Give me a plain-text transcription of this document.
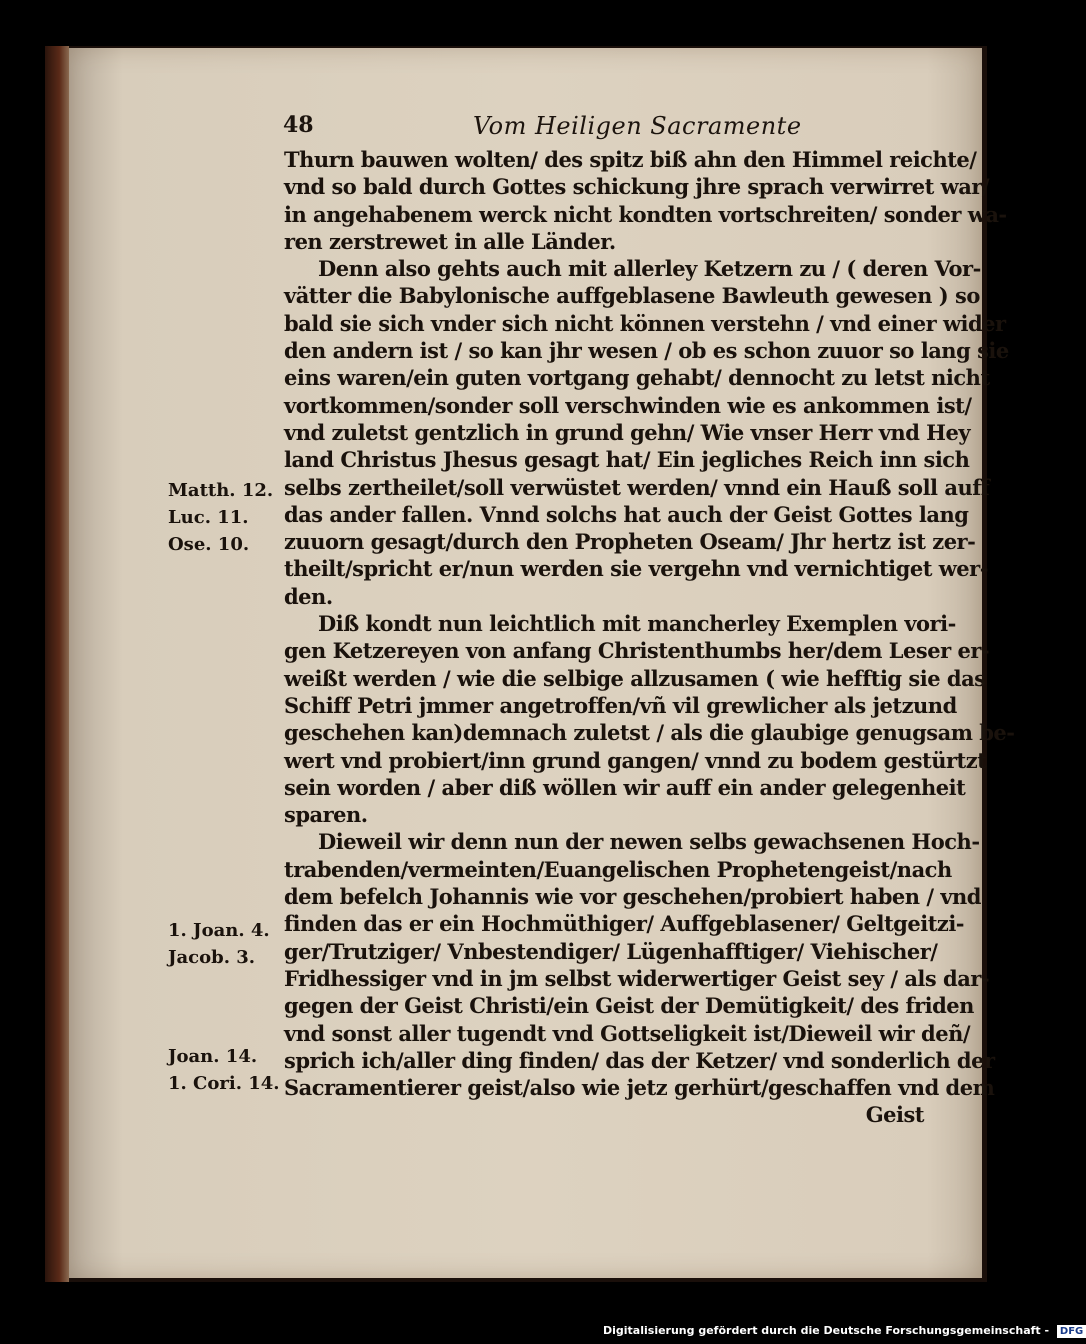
48	Vom Heiligen Sacramente
Thurn bauwen wolten/ des spitz biß ahn den Himmel reichte/
vnd so bald durch Gottes schickung jhre sprach verwirret war/
in angehabenem werck nicht kondten vortschreiten/ sonder wa-
ren zerstrewet in alle Länder.
Denn also gehts auch mit allerley Ketzern zu / ( deren Vor-
vätter die Babylonische auffgeblasene Bawleuth gewesen ) so
bald sie sich vnder sich nicht können verstehn / vnd einer wider
den andern ist / so kan jhr wesen / ob es schon zuuor so lang sie
eins waren/ein guten vortgang gehabt/ dennocht zu letst nicht
vortkommen/sonder soll verschwinden wie es ankommen ist/
vnd zuletst gentzlich in grund gehn/ Wie vnser Herr vnd Hey
land Christus Jhesus gesagt hat/ Ein jegliches Reich inn sich
selbs zertheilet/soll verwüstet werden/ vnnd ein Hauß soll auff
das ander fallen. Vnnd solchs hat auch der Geist Gottes lang
zuuorn gesagt/durch den Propheten Oseam/ Jhr hertz ist zer-
theilt/spricht er/nun werden sie vergehn vnd vernichtiget wer-
den.
Diß kondt nun leichtlich mit mancherley Exemplen vori-
gen Ketzereyen von anfang Christenthumbs her/dem Leser er-
weißt werden / wie die selbige allzusamen ( wie hefftig sie das
Schiff Petri jmmer angetroffen/vñ vil grewlicher als jetzund
geschehen kan)demnach zuletst / als die glaubige genugsam be-
wert vnd probiert/inn grund gangen/ vnnd zu bodem gestürtzt
sein worden / aber diß wöllen wir auff ein ander gelegenheit
sparen.
Dieweil wir denn nun der newen selbs gewachsenen Hoch-
trabenden/vermeinten/Euangelischen Prophetengeist/nach
dem befelch Johannis wie vor geschehen/probiert haben / vnd
finden das er ein Hochmüthiger/ Auffgeblasener/ Geltgeitzi-
ger/Trutziger/ Vnbestendiger/ Lügenhafftiger/ Viehischer/
Fridhessiger vnd in jm selbst widerwertiger Geist sey / als dar-
gegen der Geist Christi/ein Geist der Demütigkeit/ des friden
vnd sonst aller tugendt vnd Gottseligkeit ist/Dieweil wir deñ/
sprich ich/aller ding finden/ das der Ketzer/ vnd sonderlich der
Sacramentierer geist/also wie jetz gerhürt/geschaffen vnd dem
Geist
Matth. 12.
Luc. 11.
Ose. 10.
1. Joan. 4.
Jacob. 3.
Joan. 14.
1. Cori. 14.
Digitalisierung gefördert durch die Deutsche Forschungsgemeinschaft - DFG
